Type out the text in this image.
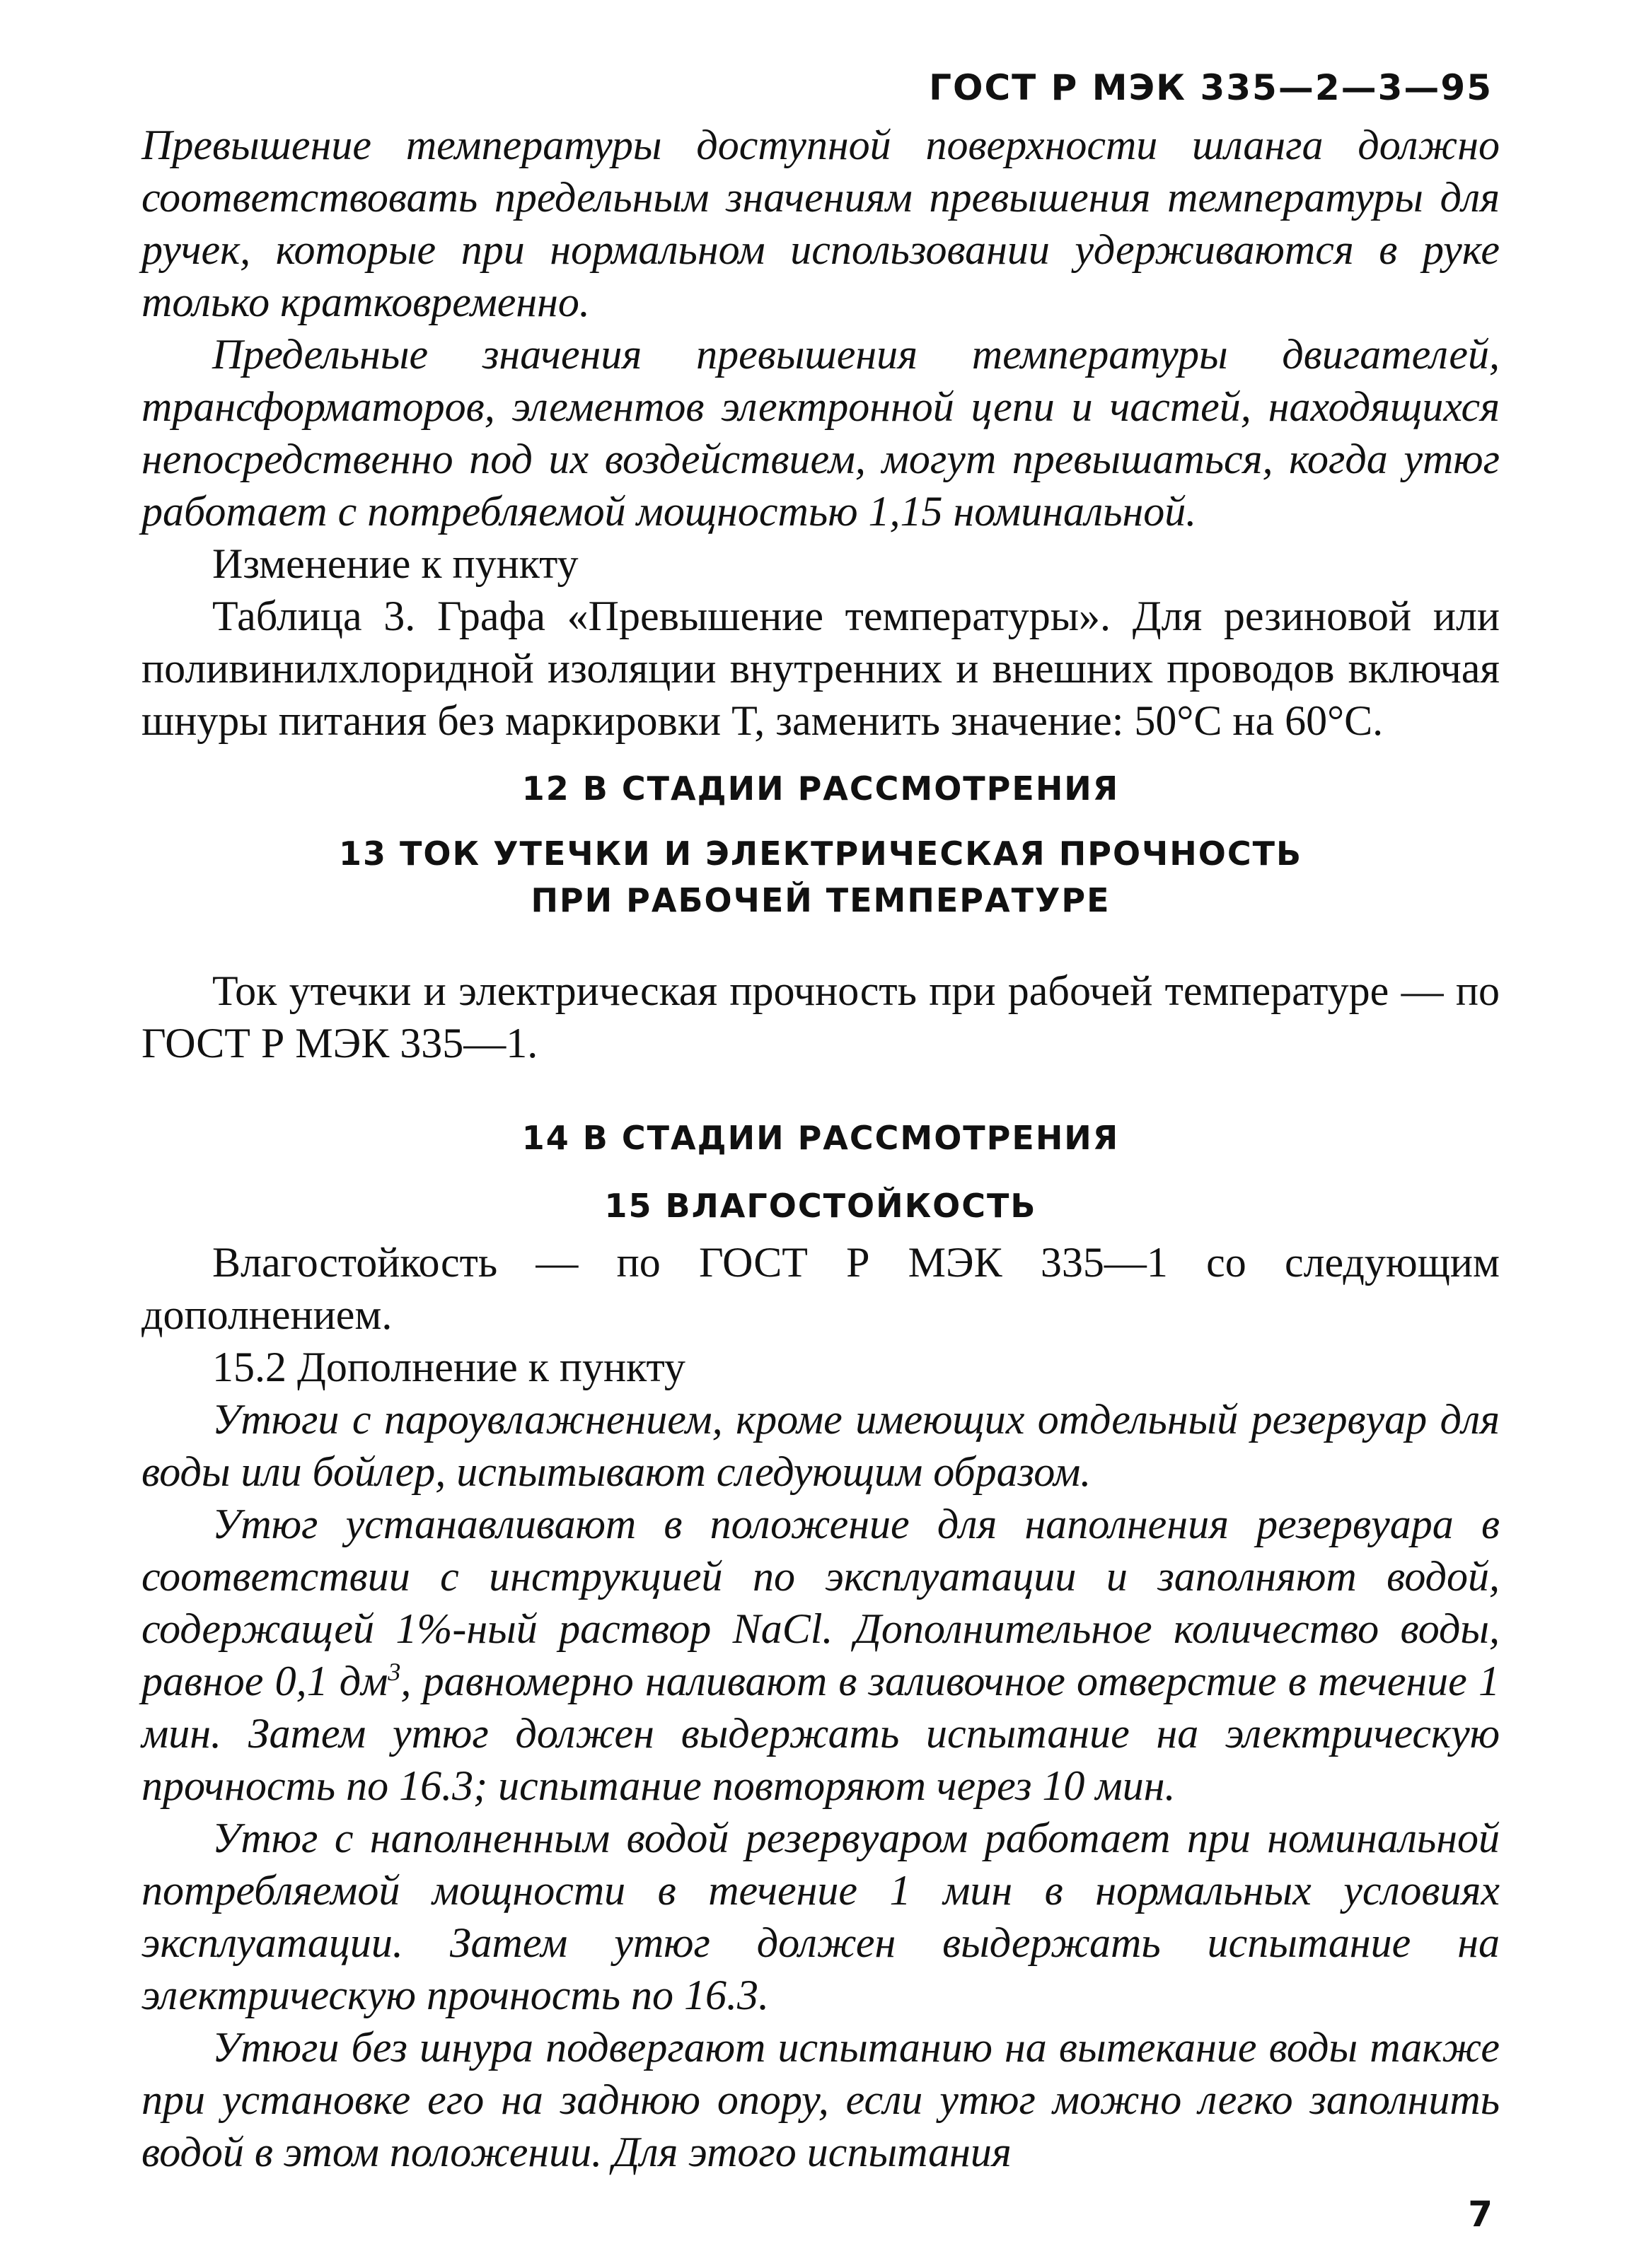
ГОСТ Р МЭК 335—2—3—95

Превышение температуры доступной поверхности шланга должно соответствовать предельным значениям превышения температуры для ручек, которые при нормальном использовании удерживаются в руке только кратковременно.

Предельные значения превышения температуры двигателей, трансформаторов, элементов электронной цепи и частей, находящихся непосредственно под их воздействием, могут превышаться, когда утюг работает с потребляемой мощностью 1,15 номинальной.

Изменение к пункту

Таблица 3. Графа «Превышение температуры». Для резиновой или поливинилхлоридной изоляции внутренних и внешних проводов включая шнуры питания без маркировки T, заменить значение: 50°С на 60°С.

12 В СТАДИИ РАССМОТРЕНИЯ
13 ТОК УТЕЧКИ И ЭЛЕКТРИЧЕСКАЯ ПРОЧНОСТЬ
ПРИ РАБОЧЕЙ ТЕМПЕРАТУРЕ

Ток утечки и электрическая прочность при рабочей температуре — по ГОСТ Р МЭК 335—1.

14 В СТАДИИ РАССМОТРЕНИЯ
15 ВЛАГОСТОЙКОСТЬ

Влагостойкость — по ГОСТ Р МЭК 335—1 со следующим дополнением.

15.2 Дополнение к пункту

Утюги с пароувлажнением, кроме имеющих отдельный резервуар для воды или бойлер, испытывают следующим образом.

Утюг устанавливают в положение для наполнения резервуара в соответствии с инструкцией по эксплуатации и заполняют водой, содержащей 1%-ный раствор NaCl. Дополнительное количество воды, равное 0,1 $дм^3$, равномерно наливают в заливочное отверстие в течение 1 мин. Затем утюг должен выдержать испытание на электрическую прочность по 16.3; испытание повторяют через 10 мин.

Утюг с наполненным водой резервуаром работает при номинальной потребляемой мощности в течение 1 мин в нормальных условиях эксплуатации. Затем утюг должен выдержать испытание на электрическую прочность по 16.3.

Утюги без шнура подвергают испытанию на вытекание воды также при установке его на заднюю опору, если утюг можно легко заполнить водой в этом положении. Для этого испытания

7
